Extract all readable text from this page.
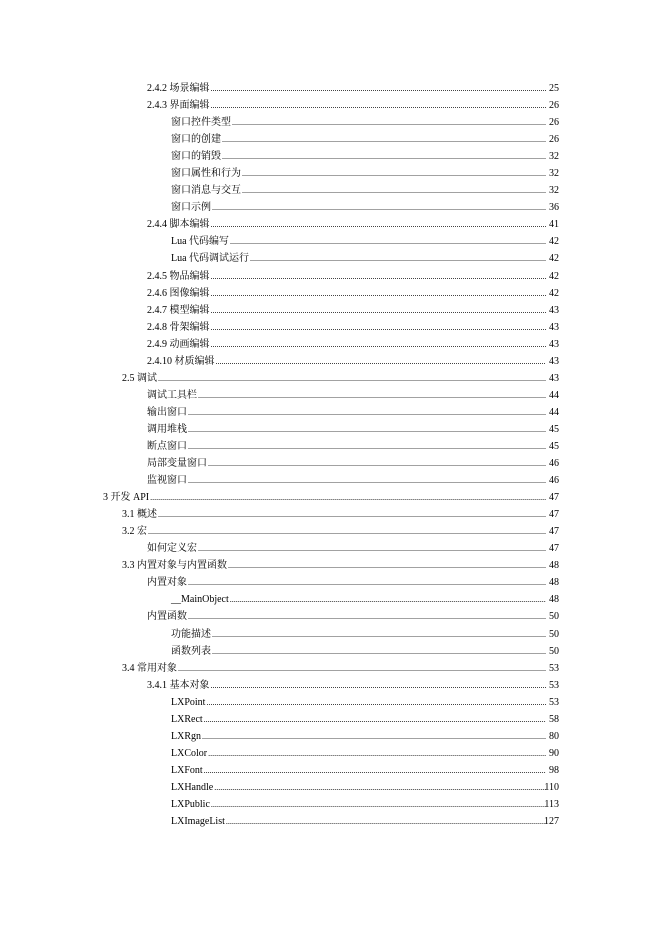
2.4.2 场景编辑 .....	25
2.4.3 界面编辑 .....	26
窗口控件类型 .....	26
窗口的创建 .....	26
窗口的销毁 .....	32
窗口属性和行为 .....	32
窗口消息与交互 .....	32
窗口示例 .....	36
2.4.4 脚本编辑 .....	41
Lua 代码编写 .....	42
Lua 代码调试运行 .....	42
2.4.5 物品编辑 .....	42
2.4.6 图像编辑 .....	42
2.4.7 模型编辑 .....	43
2.4.8 骨架编辑 .....	43
2.4.9 动画编辑 .....	43
2.4.10 材质编辑 .....	43
2.5 调试 .....	43
调试工具栏 .....	44
输出窗口 .....	44
调用堆栈 .....	45
断点窗口 .....	45
局部变量窗口 .....	46
监视窗口 .....	46
3 开发 API .....	47
3.1 概述 .....	47
3.2 宏 .....	47
如何定义宏 .....	47
3.3 内置对象与内置函数 .....	48
内置对象 .....	48
__MainObject .....	48
内置函数 .....	50
功能描述 .....	50
函数列表 .....	50
3.4 常用对象 .....	53
3.4.1 基本对象 .....	53
LXPoint .....	53
LXRect .....	58
LXRgn .....	80
LXColor .....	90
LXFont .....	98
LXHandle .....	110
LXPublic .....	113
LXImageList .....	127
